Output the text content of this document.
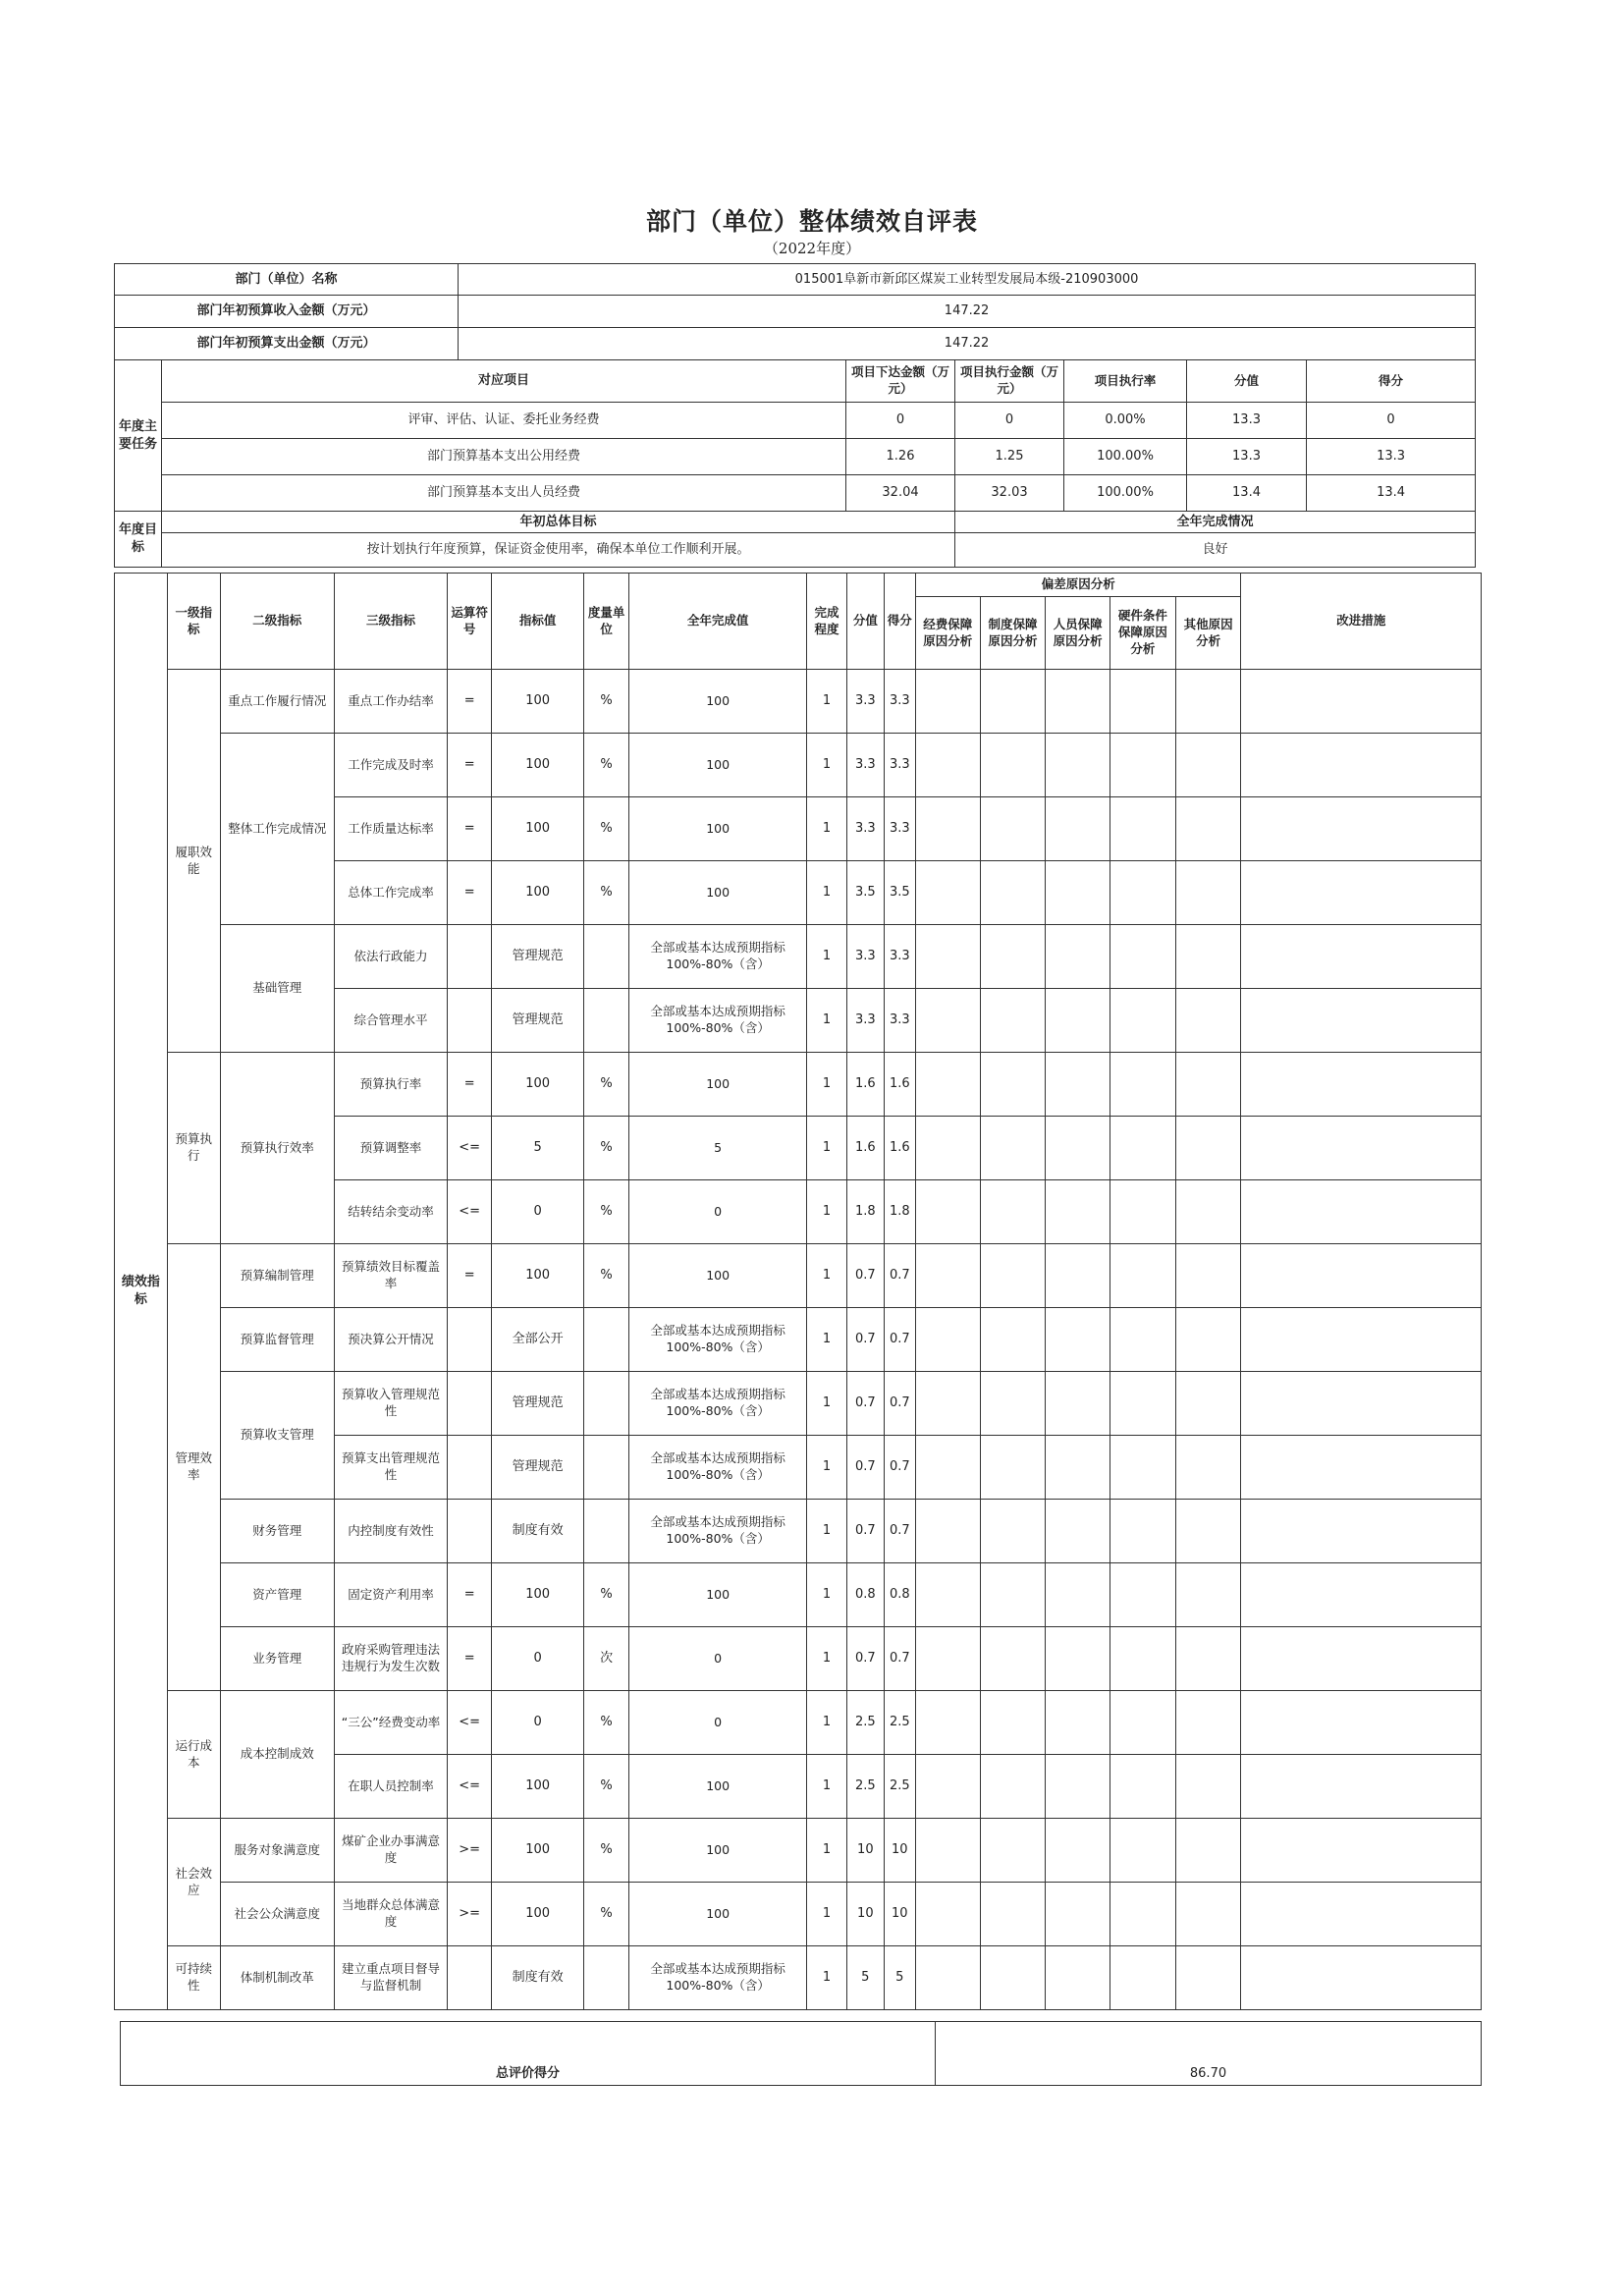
部门（单位）整体绩效自评表
（2022年度）
部门（单位）名称		015001阜新市新邱区煤炭工业转型发展局本级-210903000					
部门年初预算收入金额（万元）		147.22					
部门年初预算支出金额（万元）		147.22					
年度主要任务	对应项目		项目下达金额（万元）	项目执行金额（万元）	项目执行率	分值	得分
	评审、评估、认证、委托业务经费		0	0	0.00%	13.3	0
	部门预算基本支出公用经费		1.26	1.25	100.00%	13.3	13.3
	部门预算基本支出人员经费		32.04	32.03	100.00%	13.4	13.4
年度目标	年初总体目标			全年完成情况			
	按计划执行年度预算，保证资金使用率，确保本单位工作顺利开展。			良好			
绩效指标	一级指标	二级指标	三级指标	运算符号	指标值	度量单位	全年完成值	完成程度	分值	得分	偏差原因分析					改进措施
											经费保障原因分析	制度保障原因分析	人员保障原因分析	硬件条件保障原因分析	其他原因分析	
	履职效能	重点工作履行情况	重点工作办结率	=	100	%	100	1	3.3	3.3						
		整体工作完成情况	工作完成及时率	=	100	%	100	1	3.3	3.3						
			工作质量达标率	=	100	%	100	1	3.3	3.3						
			总体工作完成率	=	100	%	100	1	3.5	3.5						
		基础管理	依法行政能力		管理规范		全部或基本达成预期指标100%-80%（含）	1	3.3	3.3						
			综合管理水平		管理规范		全部或基本达成预期指标100%-80%（含）	1	3.3	3.3						
	预算执行	预算执行效率	预算执行率	=	100	%	100	1	1.6	1.6						
			预算调整率	<=	5	%	5	1	1.6	1.6						
			结转结余变动率	<=	0	%	0	1	1.8	1.8						
	管理效率	预算编制管理	预算绩效目标覆盖率	=	100	%	100	1	0.7	0.7						
		预算监督管理	预决算公开情况		全部公开		全部或基本达成预期指标100%-80%（含）	1	0.7	0.7						
		预算收支管理	预算收入管理规范性		管理规范		全部或基本达成预期指标100%-80%（含）	1	0.7	0.7						
			预算支出管理规范性		管理规范		全部或基本达成预期指标100%-80%（含）	1	0.7	0.7						
		财务管理	内控制度有效性		制度有效		全部或基本达成预期指标100%-80%（含）	1	0.7	0.7						
		资产管理	固定资产利用率	=	100	%	100	1	0.8	0.8						
		业务管理	政府采购管理违法违规行为发生次数	=	0	次	0	1	0.7	0.7						
	运行成本	成本控制成效	“三公”经费变动率	<=	0	%	0	1	2.5	2.5						
			在职人员控制率	<=	100	%	100	1	2.5	2.5						
	社会效应	服务对象满意度	煤矿企业办事满意度	>=	100	%	100	1	10	10						
		社会公众满意度	当地群众总体满意度	>=	100	%	100	1	10	10						
	可持续性	体制机制改革	建立重点项目督导与监督机制		制度有效		全部或基本达成预期指标100%-80%（含）	1	5	5						
总评价得分	86.70
